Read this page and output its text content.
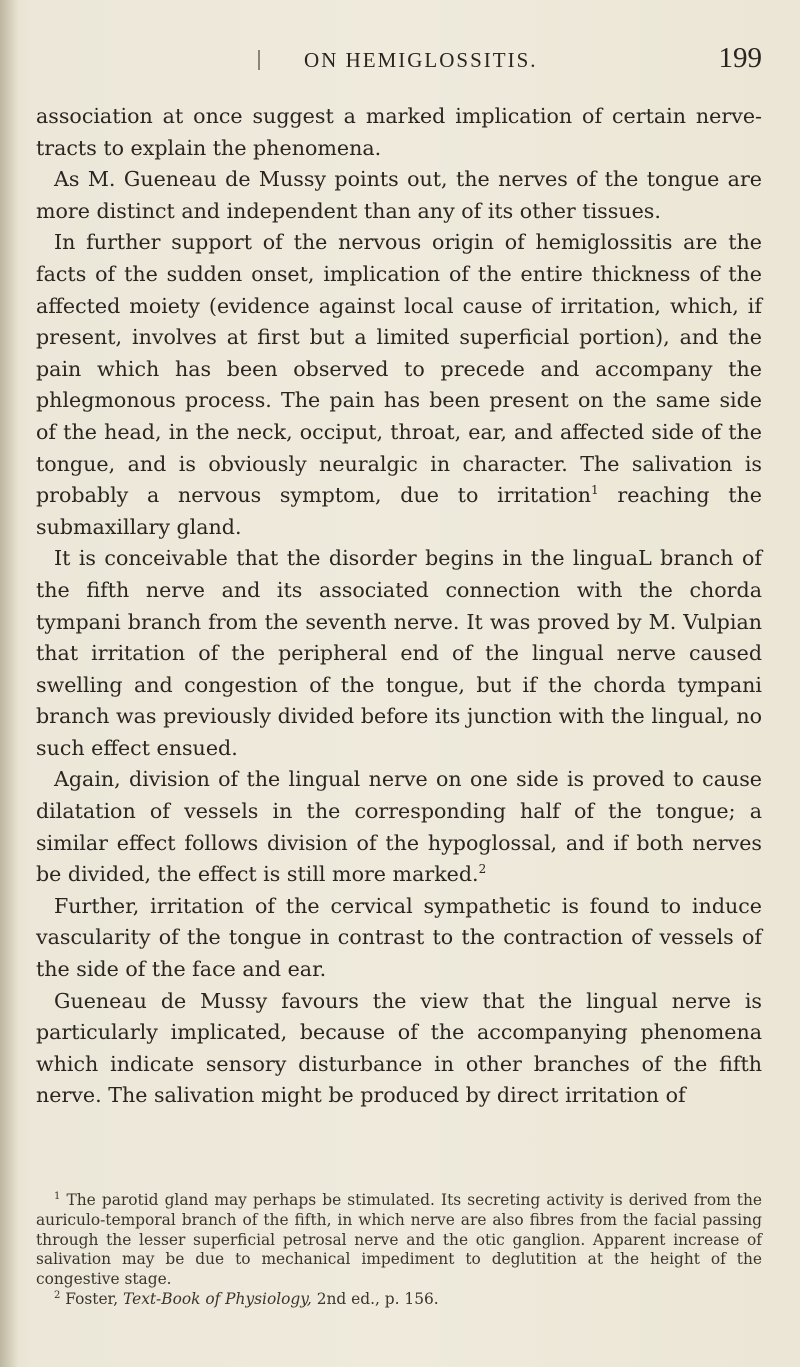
ON HEMIGLOSSITIS.	199

association at once suggest a marked implication of certain nerve-tracts to explain the phenomena.

As M. Gueneau de Mussy points out, the nerves of the tongue are more distinct and independent than any of its other tissues.

In further support of the nervous origin of hemiglossitis are the facts of the sudden onset, implication of the entire thickness of the affected moiety (evidence against local cause of irritation, which, if present, involves at first but a limited superficial portion), and the pain which has been observed to precede and accompany the phlegmonous process. The pain has been present on the same side of the head, in the neck, occiput, throat, ear, and affected side of the tongue, and is obviously neuralgic in character. The salivation is probably a nervous symptom, due to irritation$^1$ reaching the submaxillary gland.

It is conceivable that the disorder begins in the linguaL branch of the fifth nerve and its associated connection with the chorda tympani branch from the seventh nerve. It was proved by M. Vulpian that irritation of the peripheral end of the lingual nerve caused swelling and congestion of the tongue, but if the chorda tympani branch was previously divided before its junction with the lingual, no such effect ensued.

Again, division of the lingual nerve on one side is proved to cause dilatation of vessels in the corresponding half of the tongue; a similar effect follows division of the hypoglossal, and if both nerves be divided, the effect is still more marked.$^2$

Further, irritation of the cervical sympathetic is found to induce vascularity of the tongue in contrast to the contraction of vessels of the side of the face and ear.

Gueneau de Mussy favours the view that the lingual nerve is particularly implicated, because of the accompanying phenomena which indicate sensory disturbance in other branches of the fifth nerve. The salivation might be produced by direct irritation of

$^1$ The parotid gland may perhaps be stimulated. Its secreting activity is derived from the auriculo-temporal branch of the fifth, in which nerve are also fibres from the facial passing through the lesser superficial petrosal nerve and the otic ganglion. Apparent increase of salivation may be due to mechanical impediment to deglutition at the height of the congestive stage.

$^2$ Foster, Text-Book of Physiology, 2nd ed., p. 156.
